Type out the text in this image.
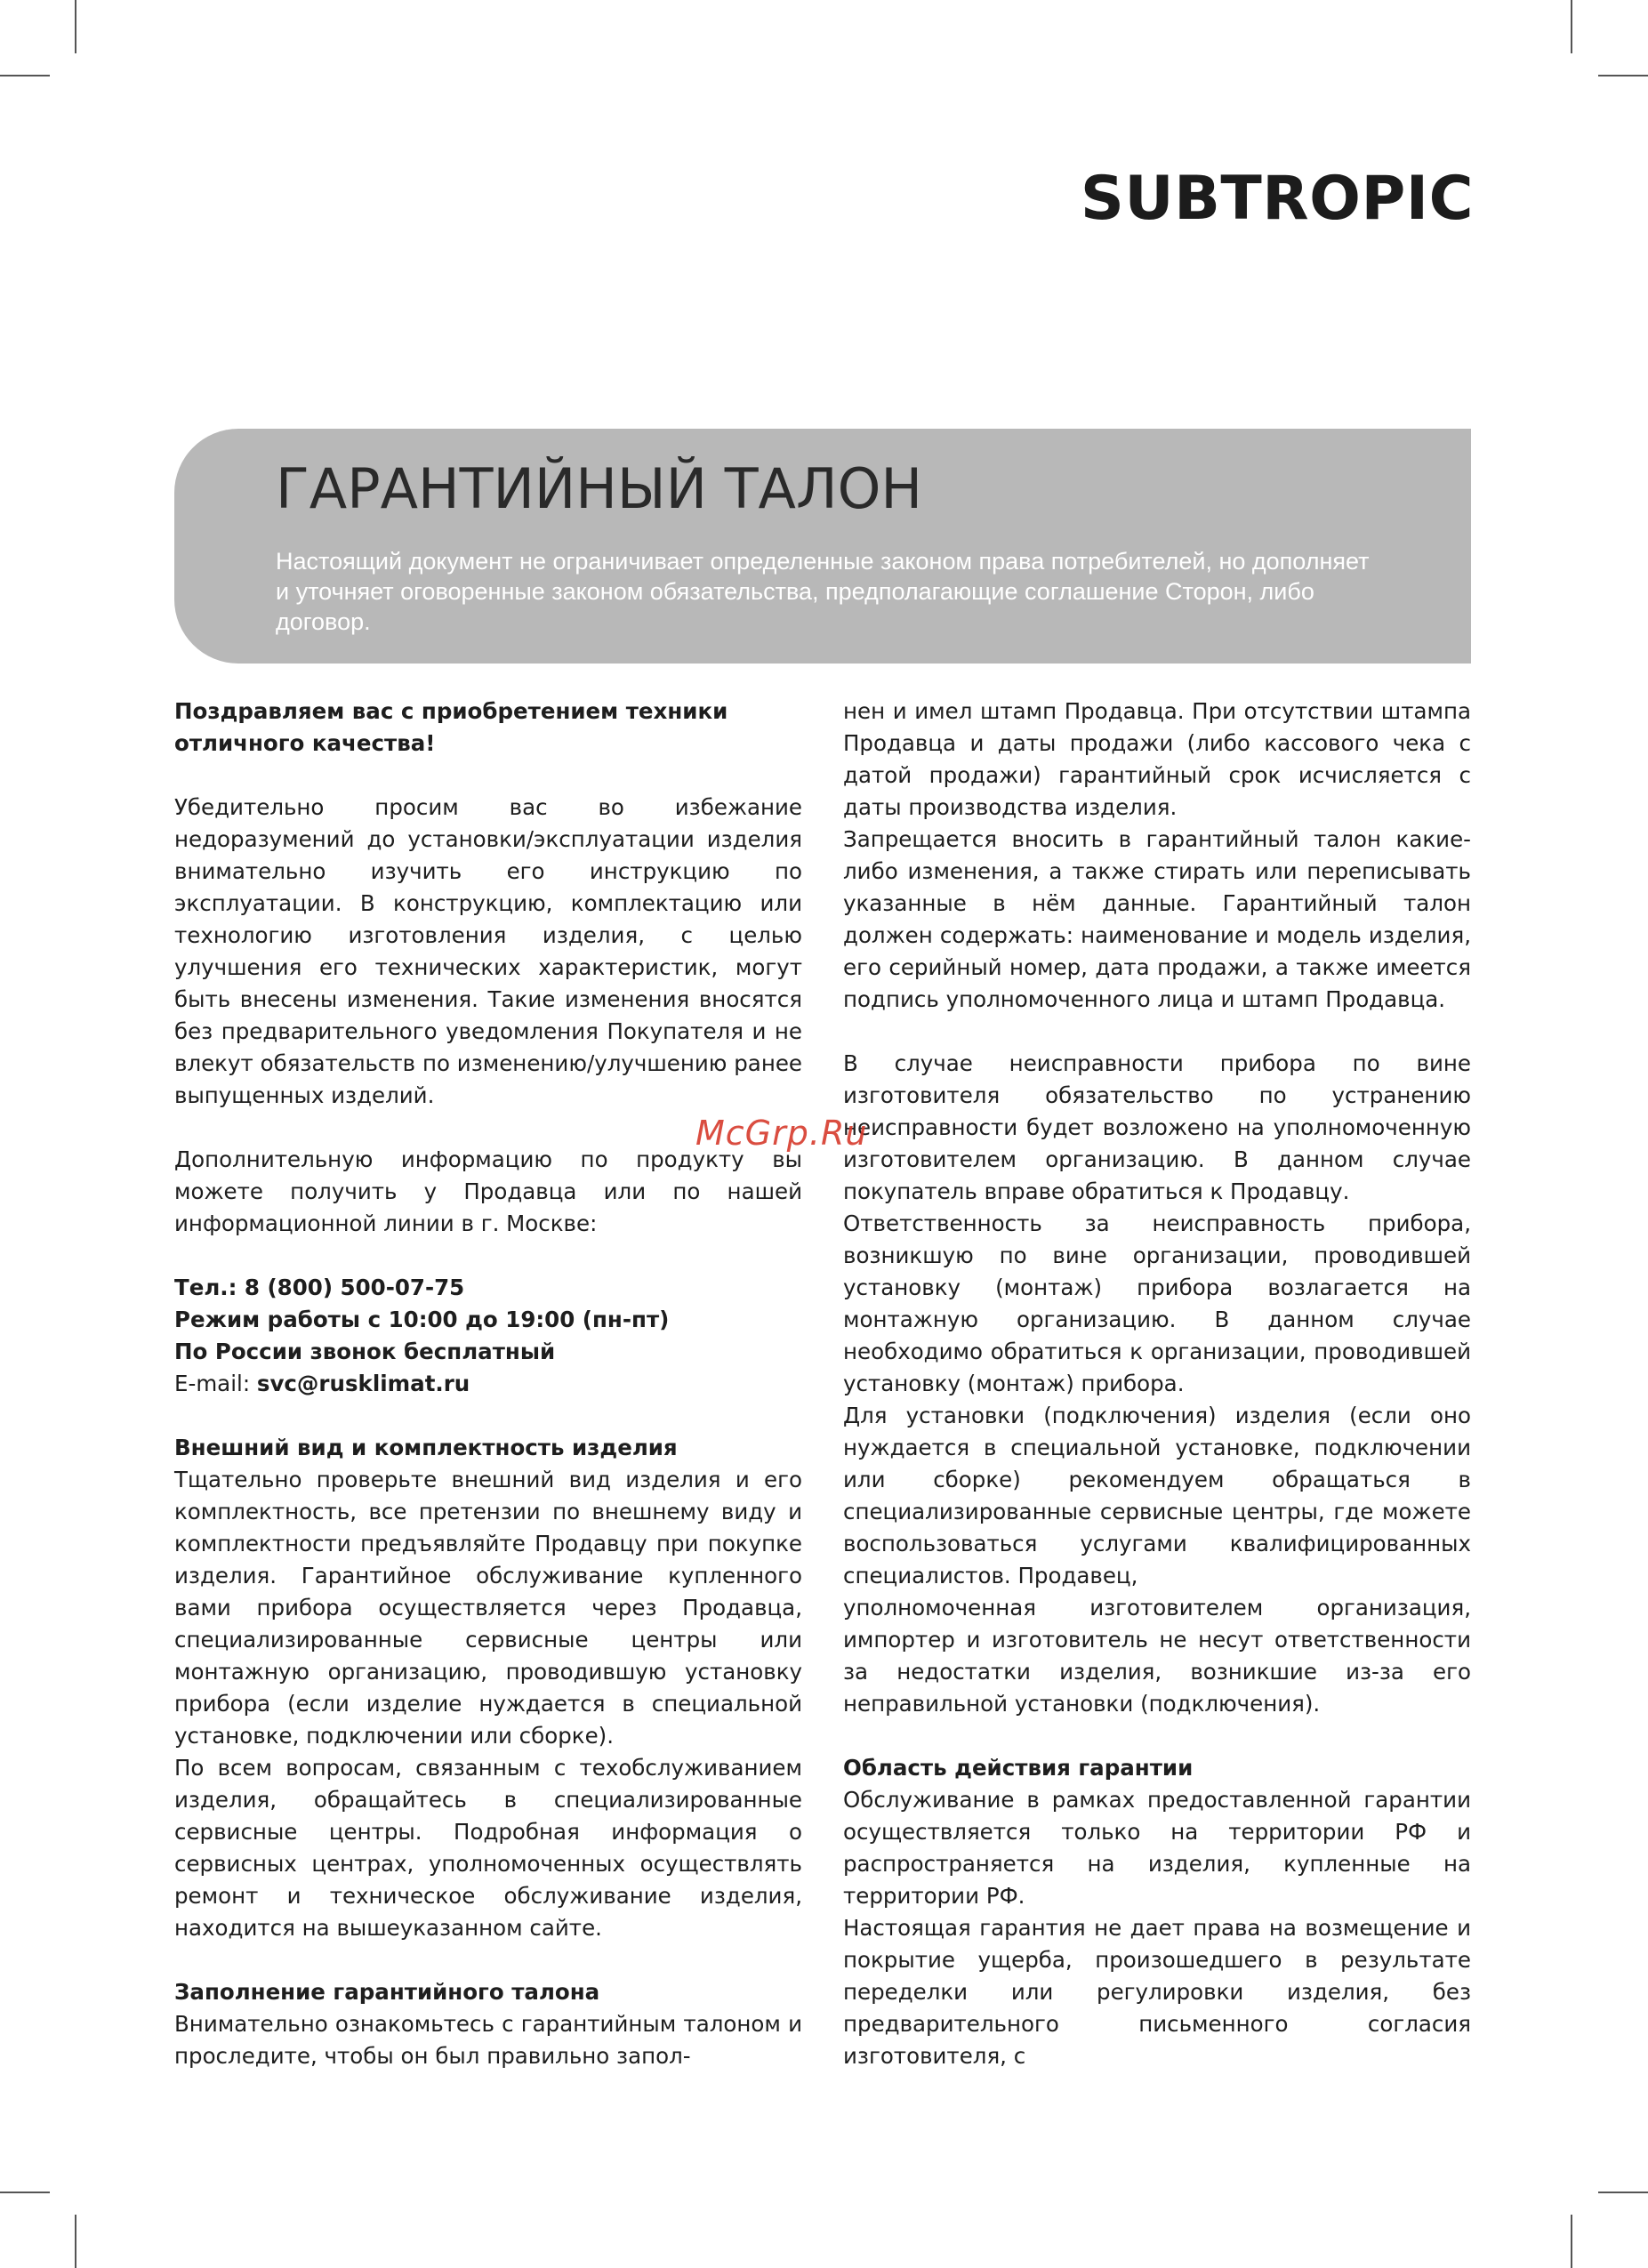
SUBTROPIC
ГАРАНТИЙНЫЙ ТАЛОН
Настоящий документ не ограничивает определенные законом права потребителей, но дополняет и уточняет оговоренные законом обязательства, предполагающие соглашение Сторон, либо договор.

Поздравляем вас с приобретением техники отличного качества!

Убедительно просим вас во избежание недоразумений до установки/эксплуатации изделия внимательно изучить его инструкцию по эксплуатации. В конструкцию, комплектацию или технологию изготовления изделия, с целью улучшения его технических характеристик, могут быть внесены изменения. Такие изменения вносятся без предварительного уведомления Покупателя и не влекут обязательств по изменению/улучшению ранее выпущенных изделий.

Дополнительную информацию по продукту вы можете получить у Продавца или по нашей информационной линии в г. Москве:

Тел.: 8 (800) 500-07-75

Режим работы с 10:00 до 19:00 (пн-пт)

По России звонок бесплатный

E-mail: svc@rusklimat.ru

Внешний вид и комплектность изделия

Тщательно проверьте внешний вид изделия и его комплектность, все претензии по внешнему виду и комплектности предъявляйте Продавцу при покупке изделия. Гарантийное обслуживание купленного вами прибора осуществляется через Продавца, специализированные сервисные центры или монтажную организацию, проводившую установку прибора (если изделие нуждается в специальной установке, подключении или сборке).

По всем вопросам, связанным с техобслуживанием изделия, обращайтесь в специализированные сервисные центры. Подробная информация о сервисных центрах, уполномоченных осуществлять ремонт и техническое обслуживание изделия, находится на вышеуказанном сайте.

Заполнение гарантийного талона

Внимательно ознакомьтесь с гарантийным талоном и проследите, чтобы он был правильно запол-

нен и имел штамп Продавца. При отсутствии штампа Продавца и даты продажи (либо кассового чека с датой продажи) гарантийный срок исчисляется с даты производства изделия.

Запрещается вносить в гарантийный талон какие-либо изменения, а также стирать или переписывать указанные в нём данные. Гарантийный талон должен содержать: наименование и модель изделия, его серийный номер, дата продажи, а также имеется подпись уполномоченного лица и штамп Продавца.

В случае неисправности прибора по вине изготовителя обязательство по устранению неисправности будет возложено на уполномоченную изготовителем организацию. В данном случае покупатель вправе обратиться к Продавцу.

Ответственность за неисправность прибора, возникшую по вине организации, проводившей установку (монтаж) прибора возлагается на монтажную организацию. В данном случае необходимо обратиться к организации, проводившей установку (монтаж) прибора.

Для установки (подключения) изделия (если оно нуждается в специальной установке, подключении или сборке) рекомендуем обращаться в специализированные сервисные центры, где можете воспользоваться услугами квалифицированных специалистов. Продавец,

уполномоченная изготовителем организация, импортер и изготовитель не несут ответственности за недостатки изделия, возникшие из-за его неправильной установки (подключения).

Область действия гарантии

Обслуживание в рамках предоставленной гарантии осуществляется только на территории РФ и распространяется на изделия, купленные на территории РФ.

Настоящая гарантия не дает права на возмещение и покрытие ущерба, произошедшего в результате переделки или регулировки изделия, без предварительного письменного согласия изготовителя, с

McGrp.Ru
